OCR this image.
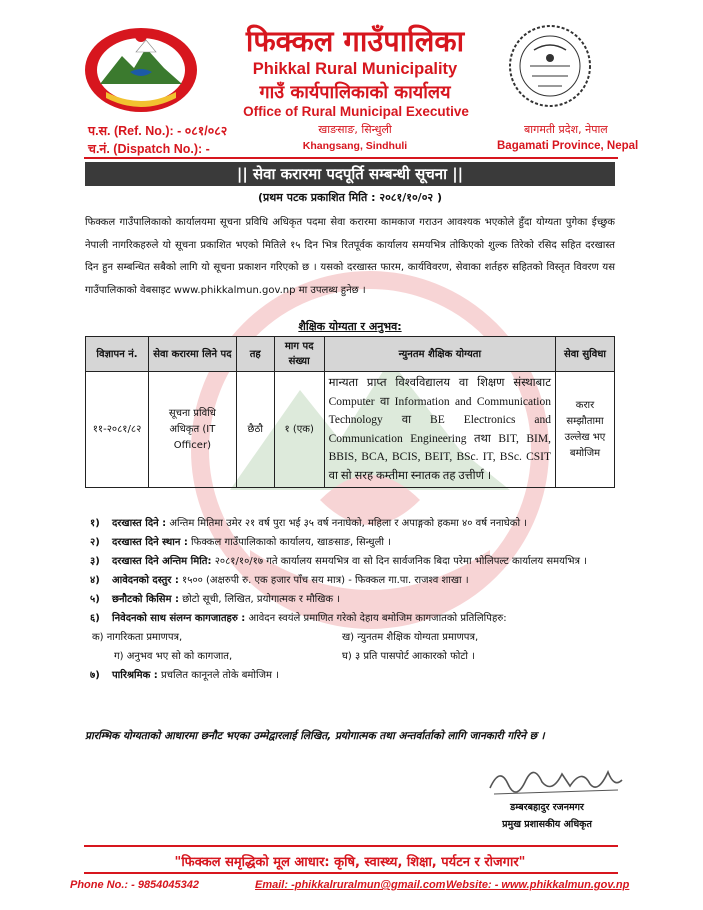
फिक्कल गाउँपालिका
Phikkal Rural Municipality
गाउँ कार्यपालिकाको कार्यालय
Office of Rural Municipal Executive
खाङसाङ, सिन्धुली
Khangsang, Sindhuli
प.स. (Ref. No.): - ०८१/०८२
च.नं. (Dispatch No.): -
बागमती प्रदेश, नेपाल
Bagamati Province, Nepal
|| सेवा करारमा पदपूर्ति सम्बन्धी सूचना ||
(प्रथम पटक प्रकाशित मिति : २०८१/१०/०२ )
फिक्कल गाउँपालिकाको कार्यालयमा सूचना प्रविधि अधिकृत पदमा सेवा करारमा कामकाज गराउन आवश्यक भएकोले हुँदा योग्यता पुगेका ईच्छुक नेपाली नागरिकहरुले यो सूचना प्रकाशित भएको मितिले १५ दिन भित्र रितपूर्वक कार्यालय समयभित्र तोकिएको शुल्क तिरेको रसिद सहित दरखास्त दिन हुन सम्बन्धित सबैको लागि यो सूचना प्रकाशन गरिएको छ । यसको दरखास्त फारम, कार्यविवरण, सेवाका शर्तहरु सहितको विस्तृत विवरण यस गाउँपालिकाको वेबसाइट www.phikkalmun.gov.np मा उपलब्ध हुनेछ ।
शैक्षिक योग्यता र अनुभव:
विज्ञापन नं.	सेवा करारमा लिने पद	तह	माग पद संख्या	न्युनतम शैक्षिक योग्यता	सेवा सुविधा
११-२०८१/८२	सूचना प्रविधि अधिकृत (IT Officer)	छैठौ	१ (एक)	मान्यता प्राप्त विश्वविद्यालय वा शिक्षण संस्थाबाट Computer वा Information and Communication Technology वा BE Electronics and Communication Engineering तथा BIT, BIM, BBIS, BCA, BCIS, BEIT, BSc. IT, BSc. CSIT वा सो सरह कम्तीमा स्नातक तह उत्तीर्ण ।	करार सम्झौतामा उल्लेख भए बमोजिम
१) दरखास्त दिने : अन्तिम मितिमा उमेर २१ वर्ष पुरा भई ३५ वर्ष ननाघेको, महिला र अपाङ्गको हकमा ४० वर्ष ननाघेको ।
२) दरखास्त दिने स्थान : फिक्कल गाउँपालिकाको कार्यालय, खाङसाङ, सिन्धुली ।
३) दरखास्त दिने अन्तिम मिति: २०८१/१०/१७ गते कार्यालय समयभित्र वा सो दिन सार्वजनिक बिदा परेमा भोलिपल्ट कार्यालय समयभित्र ।
४) आवेदनको दस्तुर : १५०० (अक्षरुपी रु. एक हजार पाँच सय मात्र) - फिक्कल गा.पा. राजश्व शाखा ।
५) छनौटको किसिम : छोटो सूची, लिखित, प्रयोगात्मक र मौखिक ।
६) निवेदनको साथ संलग्न कागजातहरु : आवेदन स्वयंले प्रमाणित गरेको देहाय बमोजिम कागजातको प्रतिलिपिहरु:
क) नागरिकता प्रमाणपत्र,	ख) न्युनतम शैक्षिक योग्यता प्रमाणपत्र,
ग) अनुभव भए सो को कागजात,	घ) ३ प्रति पासपोर्ट आकारको फोटो ।
७) पारिश्रमिक : प्रचलित कानूनले तोके बमोजिम ।
प्रारम्भिक योग्यताको आधारमा छनौट भएका उम्मेद्वारलाई लिखित, प्रयोगात्मक तथा अन्तर्वार्ताको लागि जानकारी गरिने छ ।
डम्बरबहादुर रजनमगर
प्रमुख प्रशासकीय अधिकृत
"फिक्कल समृद्धिको मूल आधार: कृषि, स्वास्थ्य, शिक्षा, पर्यटन र रोजगार"
Phone No.: - 9854045342	Email: -phikkalruralmun@gmail.com Website: - www.phikkalmun.gov.np
